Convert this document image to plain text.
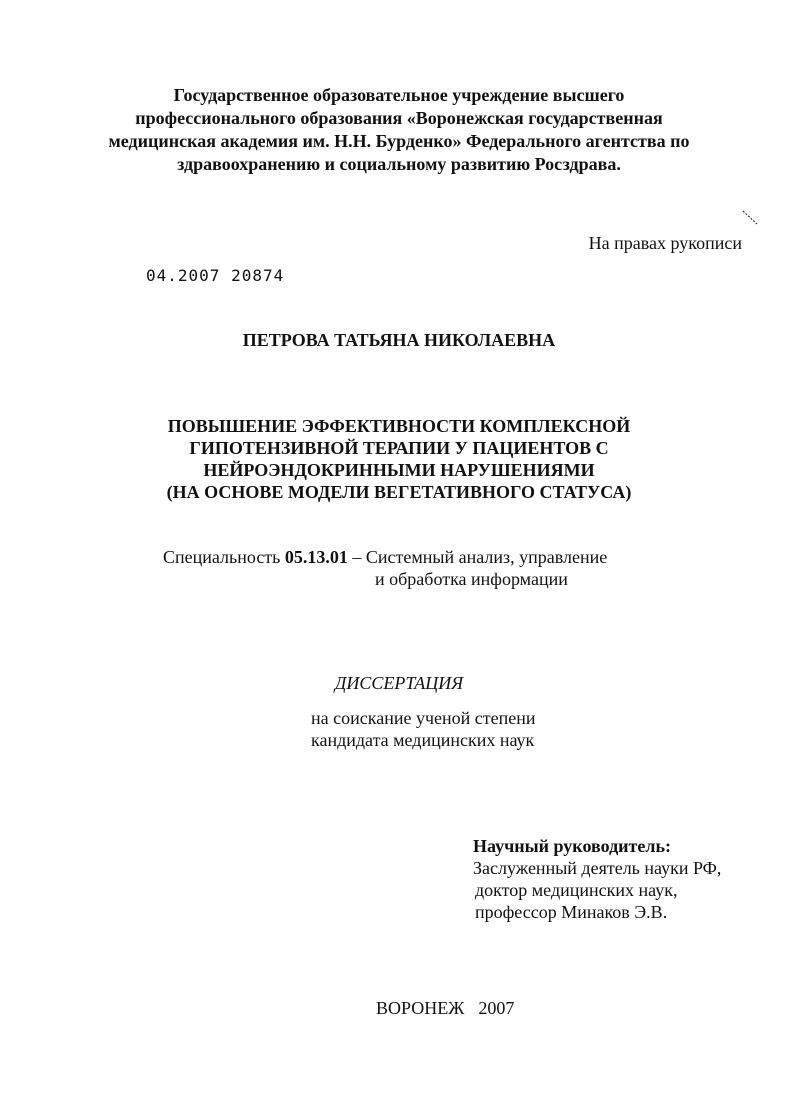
Государственное образовательное учреждение высшего
профессионального образования «Воронежская государственная
медицинская академия им. Н.Н. Бурденко» Федерального агентства по
здравоохранению и социальному развитию Росздрава.
На правах рукописи
04.2007 20874
ПЕТРОВА ТАТЬЯНА НИКОЛАЕВНА
ПОВЫШЕНИЕ ЭФФЕКТИВНОСТИ КОМПЛЕКСНОЙ
ГИПОТЕНЗИВНОЙ ТЕРАПИИ У ПАЦИЕНТОВ С
НЕЙРОЭНДОКРИННЫМИ НАРУШЕНИЯМИ
(НА ОСНОВЕ МОДЕЛИ ВЕГЕТАТИВНОГО СТАТУСА)
Специальность 05.13.01 – Системный анализ, управление
и обработка информации
ДИССЕРТАЦИЯ
на соискание ученой степени
кандидата медицинских наук
Научный руководитель:
Заслуженный деятель науки РФ,
доктор медицинских наук,
профессор Минаков Э.В.
ВОРОНЕЖ 2007
